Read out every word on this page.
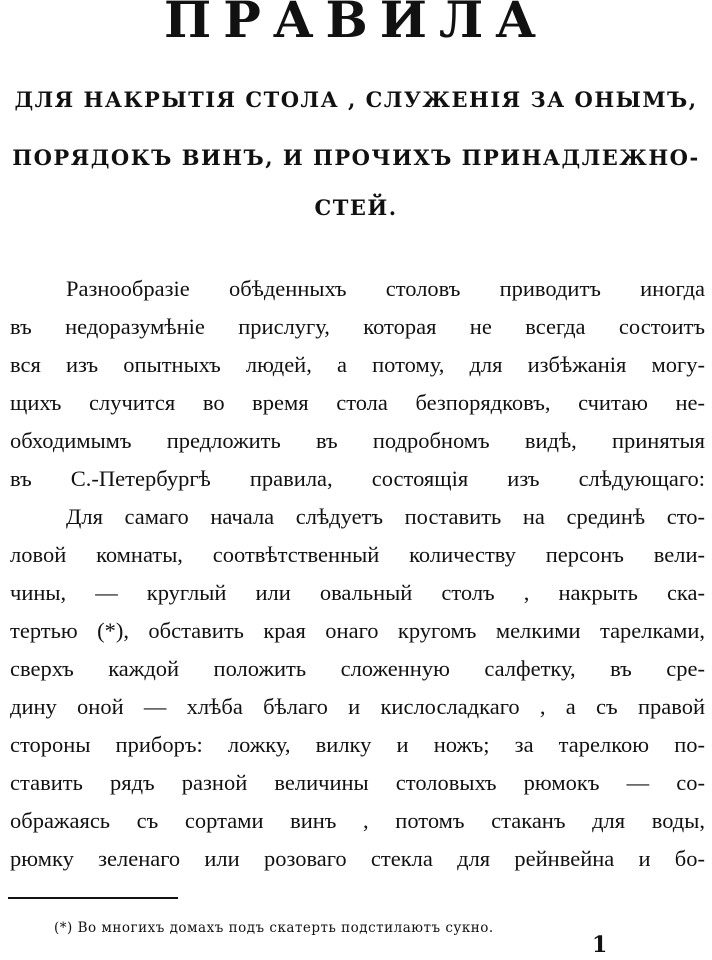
ПРАВИЛА
ДЛЯ НАКРЫТІЯ СТОЛА , СЛУЖЕНІЯ ЗА ОНЫМЪ,
ПОРЯДОКЪ ВИНЪ, И ПРОЧИХЪ ПРИНАДЛЕЖНО-
СТЕЙ.
Разнообразіе обѣденныхъ столовъ приводитъ иногда
въ недоразумѣніе прислугу, которая не всегда состоитъ
вся изъ опытныхъ людей, а потому, для избѣжанія могу-
щихъ случится во время стола безпорядковъ, считаю не-
обходимымъ предложить въ подробномъ видѣ, принятыя
въ С.-Петербургѣ правила, состоящія изъ слѣдующаго:
Для самаго начала слѣдуетъ поставить на срединѣ сто-
ловой комнаты, соотвѣтственный количеству персонъ вели-
чины, — круглый или овальный столъ , накрыть ска-
тертью (*), обставить края онаго кругомъ мелкими тарелками,
сверхъ каждой положить сложенную салфетку, въ сре-
дину оной — хлѣба бѣлаго и кислосладкаго , а съ правой
стороны приборъ: ложку, вилку и ножъ; за тарелкою по-
ставить рядъ разной величины столовыхъ рюмокъ — со-
ображаясь съ сортами винъ , потомъ стаканъ для воды,
рюмку зеленаго или розоваго стекла для рейнвейна и бо-
(*) Во многихъ домахъ подъ скатерть подстилаютъ сукно.
1
